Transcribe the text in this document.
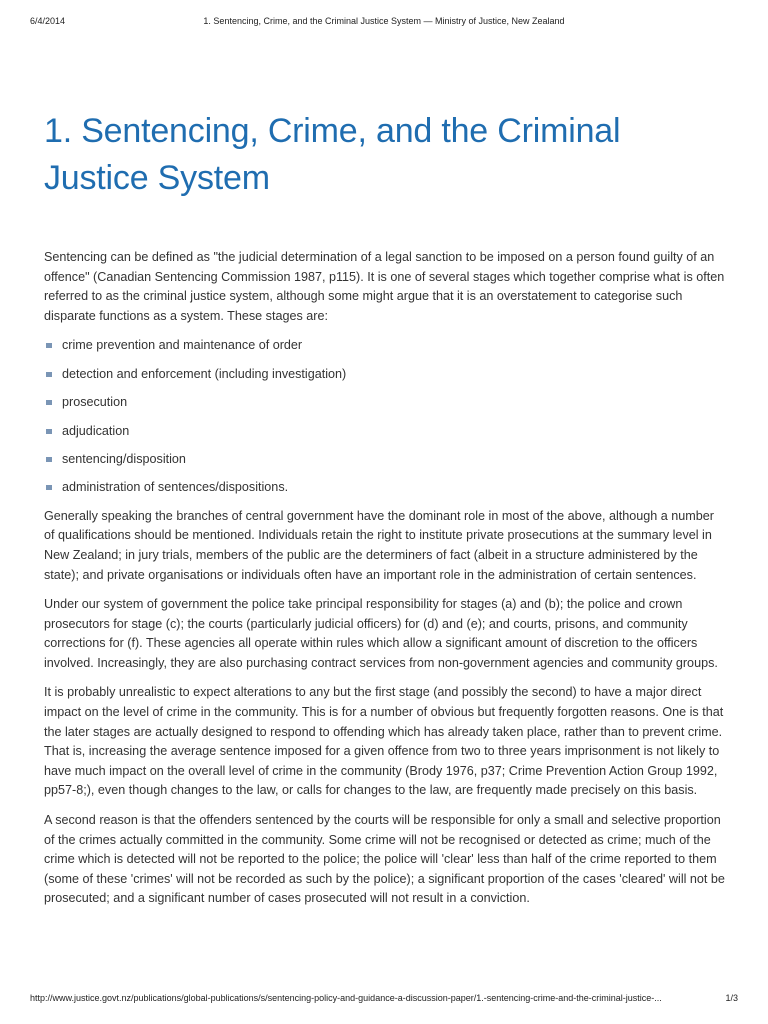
6/4/2014	1. Sentencing, Crime, and the Criminal Justice System — Ministry of Justice, New Zealand
1. Sentencing, Crime, and the Criminal Justice System

Sentencing can be defined as "the judicial determination of a legal sanction to be imposed on a person found guilty of an offence" (Canadian Sentencing Commission 1987, p115). It is one of several stages which together comprise what is often referred to as the criminal justice system, although some might argue that it is an overstatement to categorise such disparate functions as a system. These stages are:

crime prevention and maintenance of order
detection and enforcement (including investigation)
prosecution
adjudication
sentencing/disposition
administration of sentences/dispositions.

Generally speaking the branches of central government have the dominant role in most of the above, although a number of qualifications should be mentioned. Individuals retain the right to institute private prosecutions at the summary level in New Zealand; in jury trials, members of the public are the determiners of fact (albeit in a structure administered by the state); and private organisations or individuals often have an important role in the administration of certain sentences.

Under our system of government the police take principal responsibility for stages (a) and (b); the police and crown prosecutors for stage (c); the courts (particularly judicial officers) for (d) and (e); and courts, prisons, and community corrections for (f). These agencies all operate within rules which allow a significant amount of discretion to the officers involved. Increasingly, they are also purchasing contract services from non-government agencies and community groups.

It is probably unrealistic to expect alterations to any but the first stage (and possibly the second) to have a major direct impact on the level of crime in the community. This is for a number of obvious but frequently forgotten reasons. One is that the later stages are actually designed to respond to offending which has already taken place, rather than to prevent crime. That is, increasing the average sentence imposed for a given offence from two to three years imprisonment is not likely to have much impact on the overall level of crime in the community (Brody 1976, p37; Crime Prevention Action Group 1992, pp57-8;), even though changes to the law, or calls for changes to the law, are frequently made precisely on this basis.

A second reason is that the offenders sentenced by the courts will be responsible for only a small and selective proportion of the crimes actually committed in the community. Some crime will not be recognised or detected as crime; much of the crime which is detected will not be reported to the police; the police will 'clear' less than half of the crime reported to them (some of these 'crimes' will not be recorded as such by the police); a significant proportion of the cases 'cleared' will not be prosecuted; and a significant number of cases prosecuted will not result in a conviction.

http://www.justice.govt.nz/publications/global-publications/s/sentencing-policy-and-guidance-a-discussion-paper/1.-sentencing-crime-and-the-criminal-justice-...	1/3
